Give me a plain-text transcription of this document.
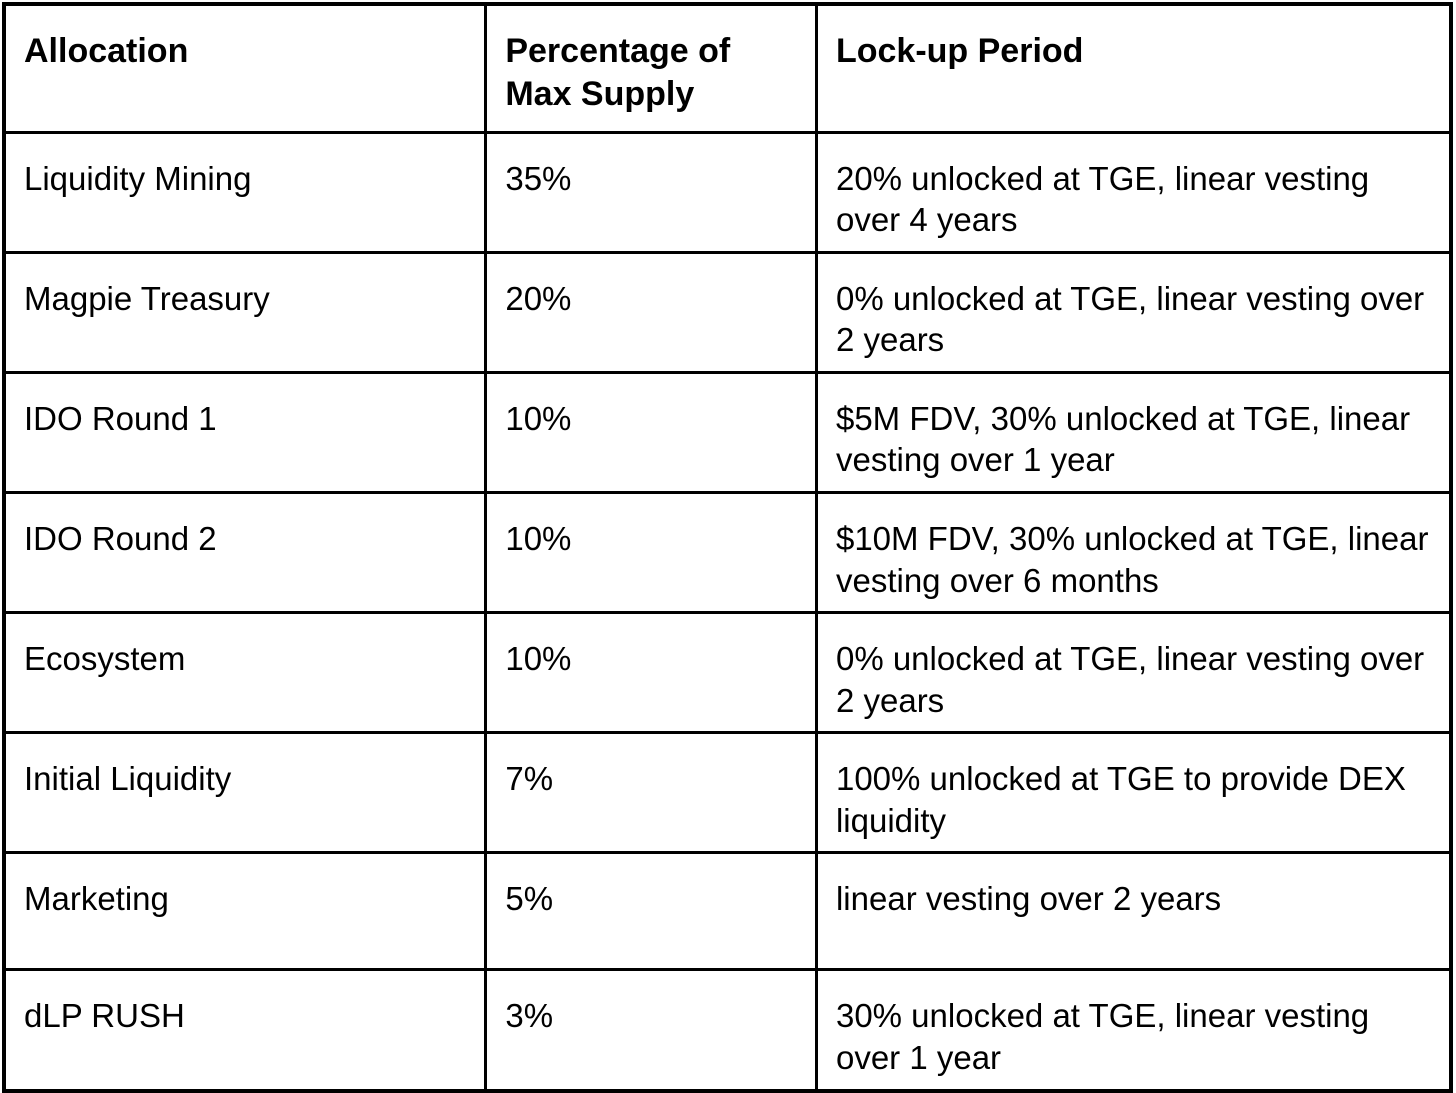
Allocation	Percentage of Max Supply	Lock-up Period
Liquidity Mining	35%	20% unlocked at TGE, linear vesting over 4 years
Magpie Treasury	20%	0% unlocked at TGE, linear vesting over 2 years
IDO Round 1	10%	$5M FDV, 30% unlocked at TGE, linear vesting over 1 year
IDO Round 2	10%	$10M FDV, 30% unlocked at TGE, linear vesting over 6 months
Ecosystem	10%	0% unlocked at TGE, linear vesting over 2 years
Initial Liquidity	7%	100% unlocked at TGE to provide DEX liquidity
Marketing	5%	linear vesting over 2 years
dLP RUSH	3%	30% unlocked at TGE, linear vesting over 1 year
